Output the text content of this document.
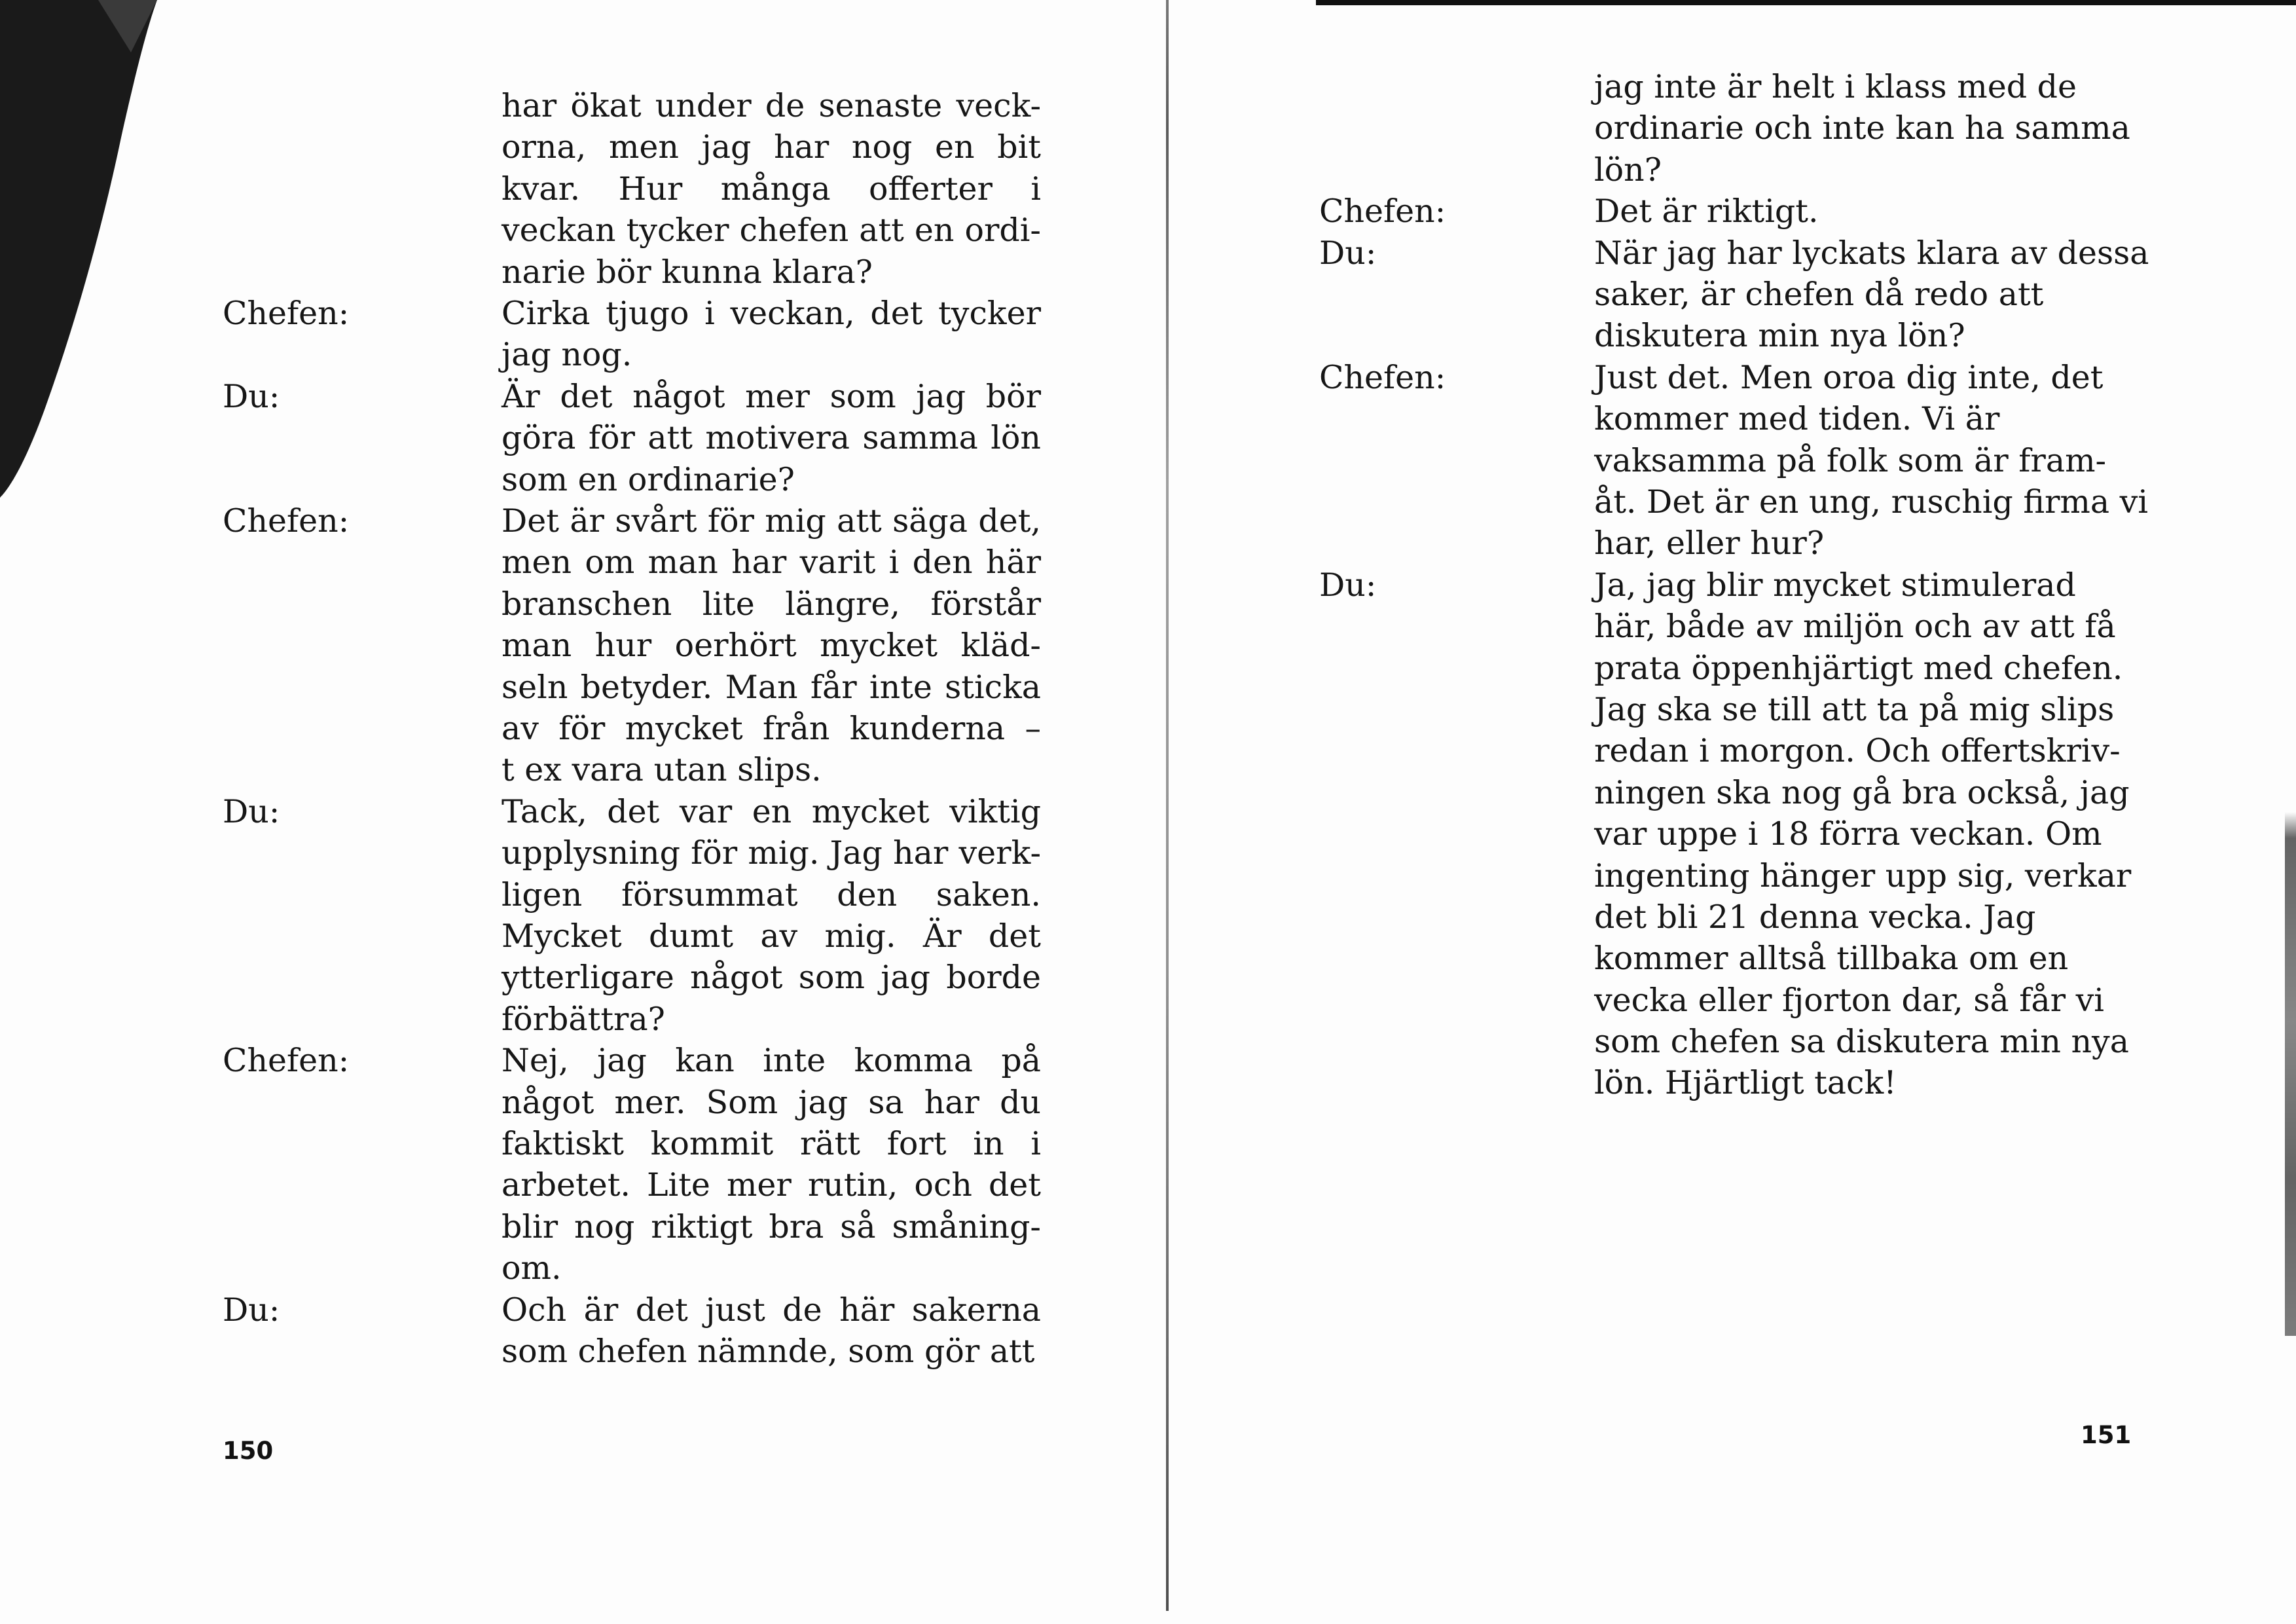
har ökat under de senaste veck-
orna, men jag har nog en bit
kvar. Hur många offerter i
veckan tycker chefen att en ordi-
narie bör kunna klara?
Chefen:	Cirka tjugo i veckan, det tycker
jag nog.
Du:	Är det något mer som jag bör
göra för att motivera samma lön
som en ordinarie?
Chefen:	Det är svårt för mig att säga det,
men om man har varit i den här
branschen lite längre, förstår
man hur oerhört mycket kläd-
seln betyder. Man får inte sticka
av för mycket från kunderna –
t ex vara utan slips.
Du:	Tack, det var en mycket viktig
upplysning för mig. Jag har verk-
ligen försummat den saken.
Mycket dumt av mig. Är det
ytterligare något som jag borde
förbättra?
Chefen:	Nej, jag kan inte komma på
något mer. Som jag sa har du
faktiskt kommit rätt fort in i
arbetet. Lite mer rutin, och det
blir nog riktigt bra så småning-
om.
Du:	Och är det just de här sakerna
som chefen nämnde, som gör att
150
jag inte är helt i klass med de
ordinarie och inte kan ha samma
lön?
Chefen:	Det är riktigt.
Du:	När jag har lyckats klara av dessa
saker, är chefen då redo att
diskutera min nya lön?
Chefen:	Just det. Men oroa dig inte, det
kommer med tiden. Vi är
vaksamma på folk som är fram-
åt. Det är en ung, ruschig firma vi
har, eller hur?
Du:	Ja, jag blir mycket stimulerad
här, både av miljön och av att få
prata öppenhjärtigt med chefen.
Jag ska se till att ta på mig slips
redan i morgon. Och offertskriv-
ningen ska nog gå bra också, jag
var uppe i 18 förra veckan. Om
ingenting hänger upp sig, verkar
det bli 21 denna vecka. Jag
kommer alltså tillbaka om en
vecka eller fjorton dar, så får vi
som chefen sa diskutera min nya
lön. Hjärtligt tack!
151
